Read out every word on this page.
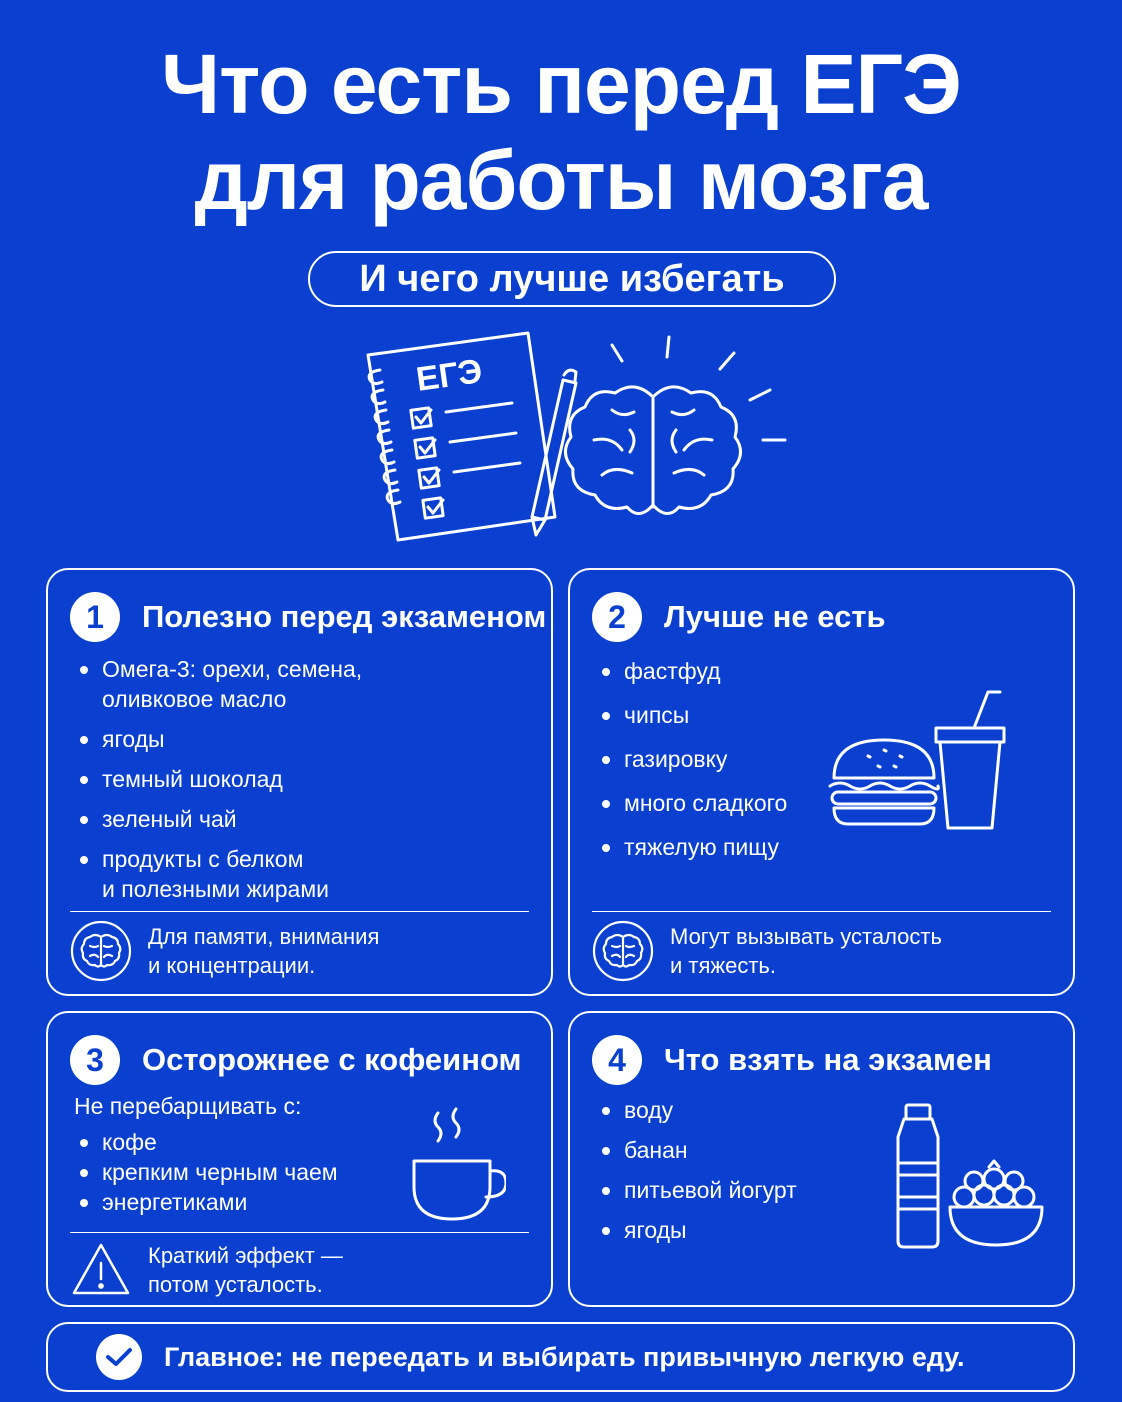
Что есть перед ЕГЭ
для работы мозга
И чего лучше избегать
ЕГЭ
1	Полезно перед экзаменом
Омега-3: орехи, семена,
оливковое масло
ягоды
темный шоколад
зеленый чай
продукты с белком
и полезными жирами
Для памяти, внимания
и концентрации.
2	Лучше не есть
фастфуд
чипсы
газировку
много сладкого
тяжелую пищу
Могут вызывать усталость
и тяжесть.
3	Осторожнее с кофеином
Не перебарщивать с:
кофе
крепким черным чаем
энергетиками
Краткий эффект —
потом усталость.
4	Что взять на экзамен
воду
банан
питьевой йогурт
ягоды
Главное: не переедать и выбирать привычную легкую еду.
